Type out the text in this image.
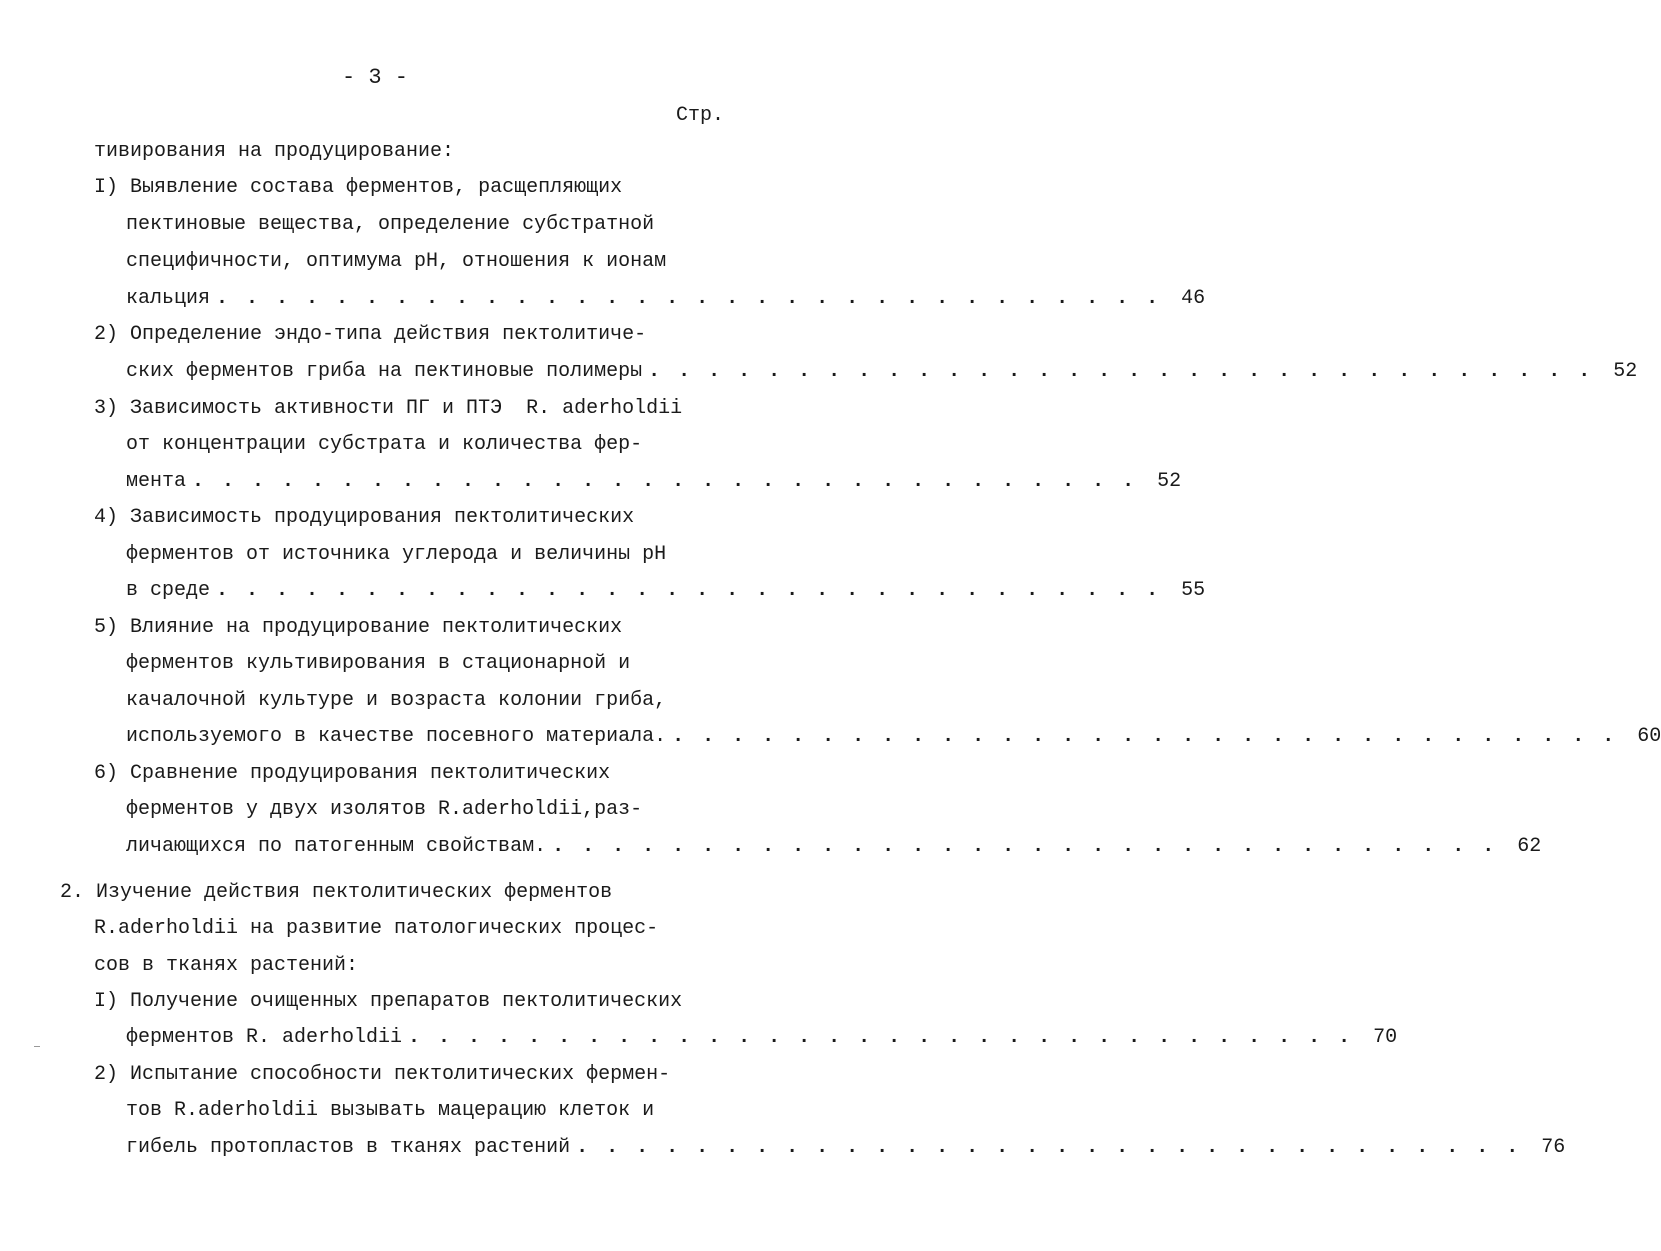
- 3 -
Стр.
тивирования на продуцирование:
I) Выявление состава ферментов, расщепляющих
пектиновые вещества, определение субстратной
специфичности, оптимума рН, отношения к ионам
кальция . . . . . . . . . . . . . . . . . . . . . . . . . . . . . . . . 46
2) Определение эндо-типа действия пектолитиче-
ских ферментов гриба на пектиновые полимеры . . . . . . . . . . . . . . . . . . . . . . . . . . . . . . . . 52
3) Зависимость активности ПГ и ПТЭ  R. aderholdii
от концентрации субстрата и количества фер-
мента . . . . . . . . . . . . . . . . . . . . . . . . . . . . . . . . 52
4) Зависимость продуцирования пектолитических
ферментов от источника углерода и величины рН
в среде . . . . . . . . . . . . . . . . . . . . . . . . . . . . . . . . 55
5) Влияние на продуцирование пектолитических
ферментов культивирования в стационарной и
качалочной культуре и возраста колонии гриба,
используемого в качестве посевного материала. . . . . . . . . . . . . . . . . . . . . . . . . . . . . . . . . 60
6) Сравнение продуцирования пектолитических
ферментов у двух изолятов R.aderholdii,раз-
личающихся по патогенным свойствам. . . . . . . . . . . . . . . . . . . . . . . . . . . . . . . . . 62
2. Изучение действия пектолитических ферментов
R.aderholdii на развитие патологических процес-
сов в тканях растений:
I) Получение очищенных препаратов пектолитических
ферментов R. aderholdii . . . . . . . . . . . . . . . . . . . . . . . . . . . . . . . . 70
2) Испытание способности пектолитических фермен-
тов R.aderholdii вызывать мацерацию клеток и
гибель протопластов в тканях растений . . . . . . . . . . . . . . . . . . . . . . . . . . . . . . . . 76
